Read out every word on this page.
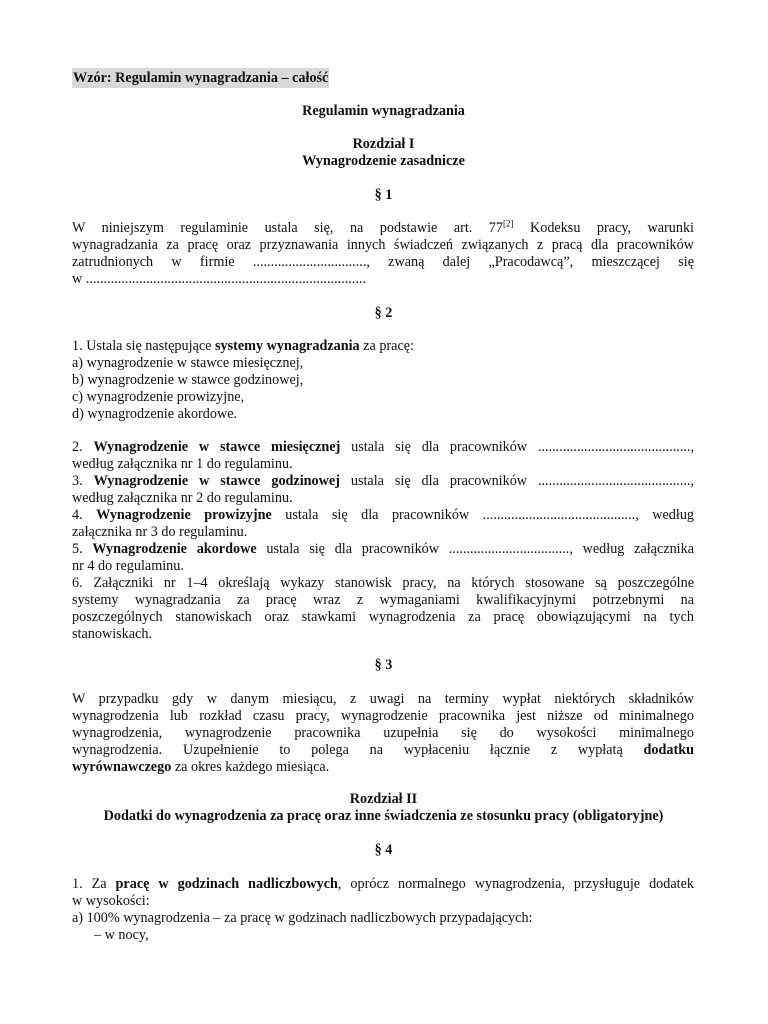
Wzór: Regulamin wynagradzania – całość

Regulamin wynagradzania

Rozdział I

Wynagrodzenie zasadnicze

§ 1

W niniejszym regulaminie ustala się, na podstawie art. 77[2] Kodeksu pracy, warunki
wynagradzania za pracę oraz przyznawania innych świadczeń związanych z pracą dla pracowników
zatrudnionych w firmie ................................, zwaną dalej „Pracodawcą”, mieszczącej się
w ...............................................................................

§ 2

1. Ustala się następujące systemy wynagradzania za pracę:
a) wynagrodzenie w stawce miesięcznej,
b) wynagrodzenie w stawce godzinowej,
c) wynagrodzenie prowizyjne,
d) wynagrodzenie akordowe.
2. Wynagrodzenie w stawce miesięcznej ustala się dla pracowników ...........................................,
według załącznika nr 1 do regulaminu.
3. Wynagrodzenie w stawce godzinowej ustala się dla pracowników ...........................................,
według załącznika nr 2 do regulaminu.
4. Wynagrodzenie prowizyjne ustala się dla pracowników ..........................................., według
załącznika nr 3 do regulaminu.
5. Wynagrodzenie akordowe ustala się dla pracowników .................................., według załącznika
nr 4 do regulaminu.
6. Załączniki nr 1–4 określają wykazy stanowisk pracy, na których stosowane są poszczególne
systemy wynagradzania za pracę wraz z wymaganiami kwalifikacyjnymi potrzebnymi na
poszczególnych stanowiskach oraz stawkami wynagrodzenia za pracę obowiązującymi na tych
stanowiskach.

§ 3

W przypadku gdy w danym miesiącu, z uwagi na terminy wypłat niektórych składników
wynagrodzenia lub rozkład czasu pracy, wynagrodzenie pracownika jest niższe od minimalnego
wynagrodzenia, wynagrodzenie pracownika uzupełnia się do wysokości minimalnego
wynagrodzenia. Uzupełnienie to polega na wypłaceniu łącznie z wypłatą dodatku
wyrównawczego za okres każdego miesiąca.

Rozdział II

Dodatki do wynagrodzenia za pracę oraz inne świadczenia ze stosunku pracy (obligatoryjne)

§ 4

1. Za pracę w godzinach nadliczbowych, oprócz normalnego wynagrodzenia, przysługuje dodatek
w wysokości:
a) 100% wynagrodzenia – za pracę w godzinach nadliczbowych przypadających:
– w nocy,
